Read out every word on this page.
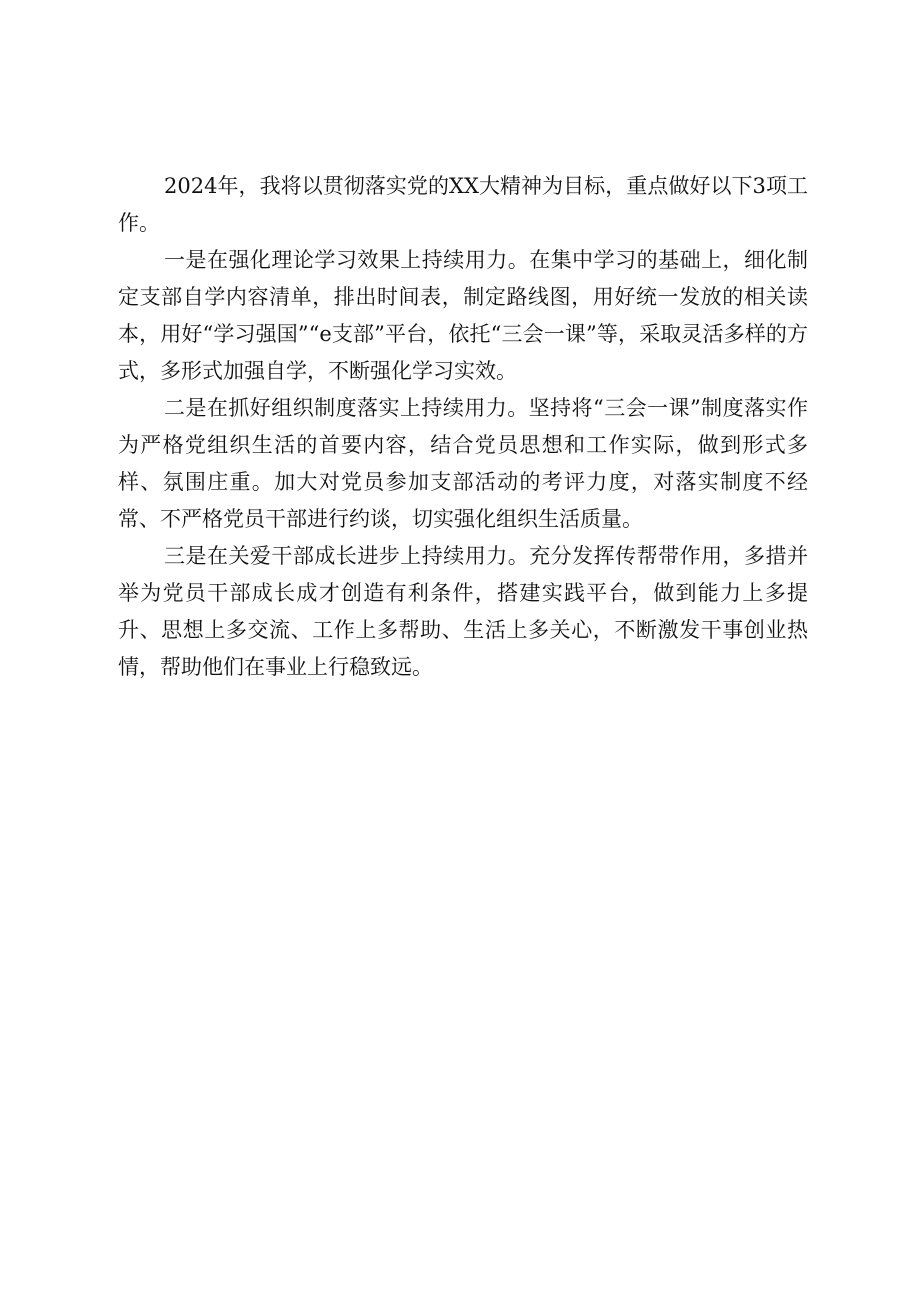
2024年，我将以贯彻落实党的XX大精神为目标，重点做好以下3项工作。

一是在强化理论学习效果上持续用力。在集中学习的基础上，细化制定支部自学内容清单，排出时间表，制定路线图，用好统一发放的相关读本，用好“学习强国”“e支部”平台，依托“三会一课”等，采取灵活多样的方式，多形式加强自学，不断强化学习实效。

二是在抓好组织制度落实上持续用力。坚持将“三会一课”制度落实作为严格党组织生活的首要内容，结合党员思想和工作实际，做到形式多样、氛围庄重。加大对党员参加支部活动的考评力度，对落实制度不经常、不严格党员干部进行约谈，切实强化组织生活质量。

三是在关爱干部成长进步上持续用力。充分发挥传帮带作用，多措并举为党员干部成长成才创造有利条件，搭建实践平台，做到能力上多提升、思想上多交流、工作上多帮助、生活上多关心，不断激发干事创业热情，帮助他们在事业上行稳致远。
